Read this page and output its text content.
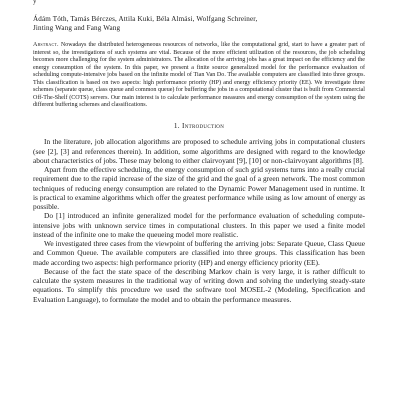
y
Ádám Tóth, Tamás Bérczes, Attila Kuki, Béla Almási, Wolfgang Schreiner,
Jinting Wang and Fang Wang
Abstract. Nowadays the distributed heterogeneous resources of networks, like the computational grid, start to have a greater part of interest so, the investigations of such systems are vital. Because of the more efficient utilization of the resources, the job scheduling becomes more challenging for the system administrators. The allocation of the arriving jobs has a great impact on the efficiency and the energy consumption of the system. In this paper, we present a finite source generalized model for the performance evaluation of scheduling compute-intensive jobs based on the infinite model of Tian Van Do. The available computers are classified into three groups. This classification is based on two aspects: high performance priority (HP) and energy efficiency priority (EE). We investigate three schemes (separate queue, class queue and common queue) for buffering the jobs in a computational cluster that is built from Commercial Off-The-Shelf (COTS) servers. Our main interest is to calculate performance measures and energy consumption of the system using the different buffering schemes and classifications.
1. Introduction

In the literature, job allocation algorithms are proposed to schedule arriving jobs in computational clusters (see [2], [3] and references therein). In addition, some algorithms are designed with regard to the knowledge about characteristics of jobs. These may belong to either clairvoyant [9], [10] or non-clairvoyant algorithms [8].

Apart from the effective scheduling, the energy consumption of such grid systems turns into a really crucial requirement due to the rapid increase of the size of the grid and the goal of a green network. The most common techniques of reducing energy consumption are related to the Dynamic Power Management used in runtime. It is practical to examine algorithms which offer the greatest performance while using as low amount of energy as possible.

Do [1] introduced an infinite generalized model for the performance evaluation of scheduling compute-intensive jobs with unknown service times in computational clusters. In this paper we used a finite model instead of the infinite one to make the queueing model more realistic.

We investigated three cases from the viewpoint of buffering the arriving jobs: Separate Queue, Class Queue and Common Queue. The available computers are classified into three groups. This classification has been made according two aspects: high performance priority (HP) and energy efficiency priority (EE).

Because of the fact the state space of the describing Markov chain is very large, it is rather difficult to calculate the system measures in the traditional way of writing down and solving the underlying steady-state equations. To simplify this procedure we used the software tool MOSEL-2 (Modeling, Specification and Evaluation Language), to formulate the model and to obtain the performance measures.
